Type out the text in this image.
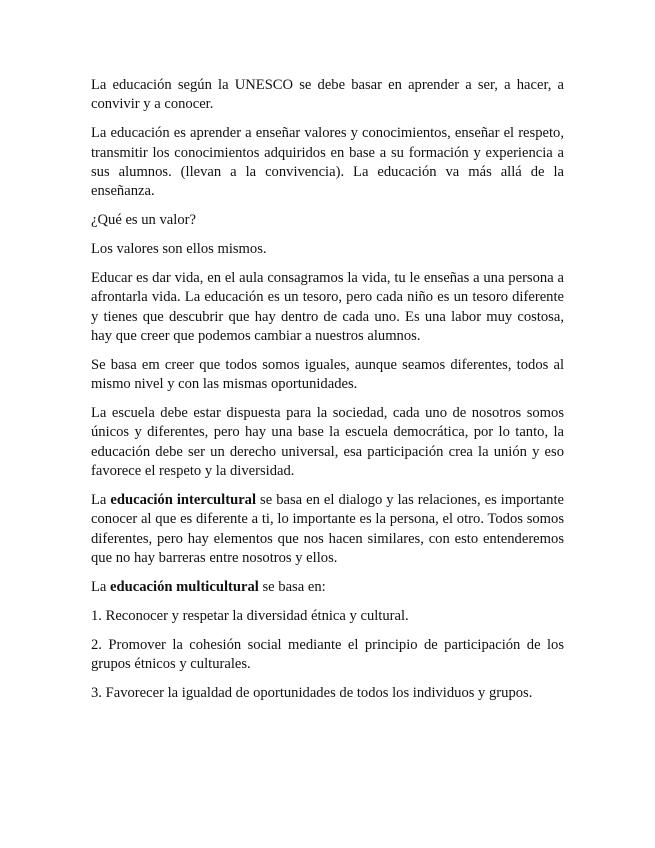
La educación según la UNESCO se debe basar en aprender a ser, a hacer, a convivir y a conocer.

La educación es aprender a enseñar valores y conocimientos, enseñar el respeto, transmitir los conocimientos adquiridos en base a su formación y experiencia a sus alumnos. (llevan a la convivencia). La educación va más allá de la enseñanza.

¿Qué es un valor?

Los valores son ellos mismos.

Educar es dar vida, en el aula consagramos la vida, tu le enseñas a una persona a afrontarla vida. La educación es un tesoro, pero cada niño es un tesoro diferente y tienes que descubrir que hay dentro de cada uno. Es una labor muy costosa, hay que creer que podemos cambiar a nuestros alumnos.

Se basa em creer que todos somos iguales, aunque seamos diferentes, todos al mismo nivel y con las mismas oportunidades.

La escuela debe estar dispuesta para la sociedad, cada uno de nosotros somos únicos y diferentes, pero hay una base la escuela democrática, por lo tanto, la educación debe ser un derecho universal, esa participación crea la unión y eso favorece el respeto y la diversidad.

La educación intercultural se basa en el dialogo y las relaciones, es importante conocer al que es diferente a ti, lo importante es la persona, el otro. Todos somos diferentes, pero hay elementos que nos hacen similares, con esto entenderemos que no hay barreras entre nosotros y ellos.

La educación multicultural se basa en:

1. Reconocer y respetar la diversidad étnica y cultural.

2. Promover la cohesión social mediante el principio de participación de los grupos étnicos y culturales.

3. Favorecer la igualdad de oportunidades de todos los individuos y grupos.
